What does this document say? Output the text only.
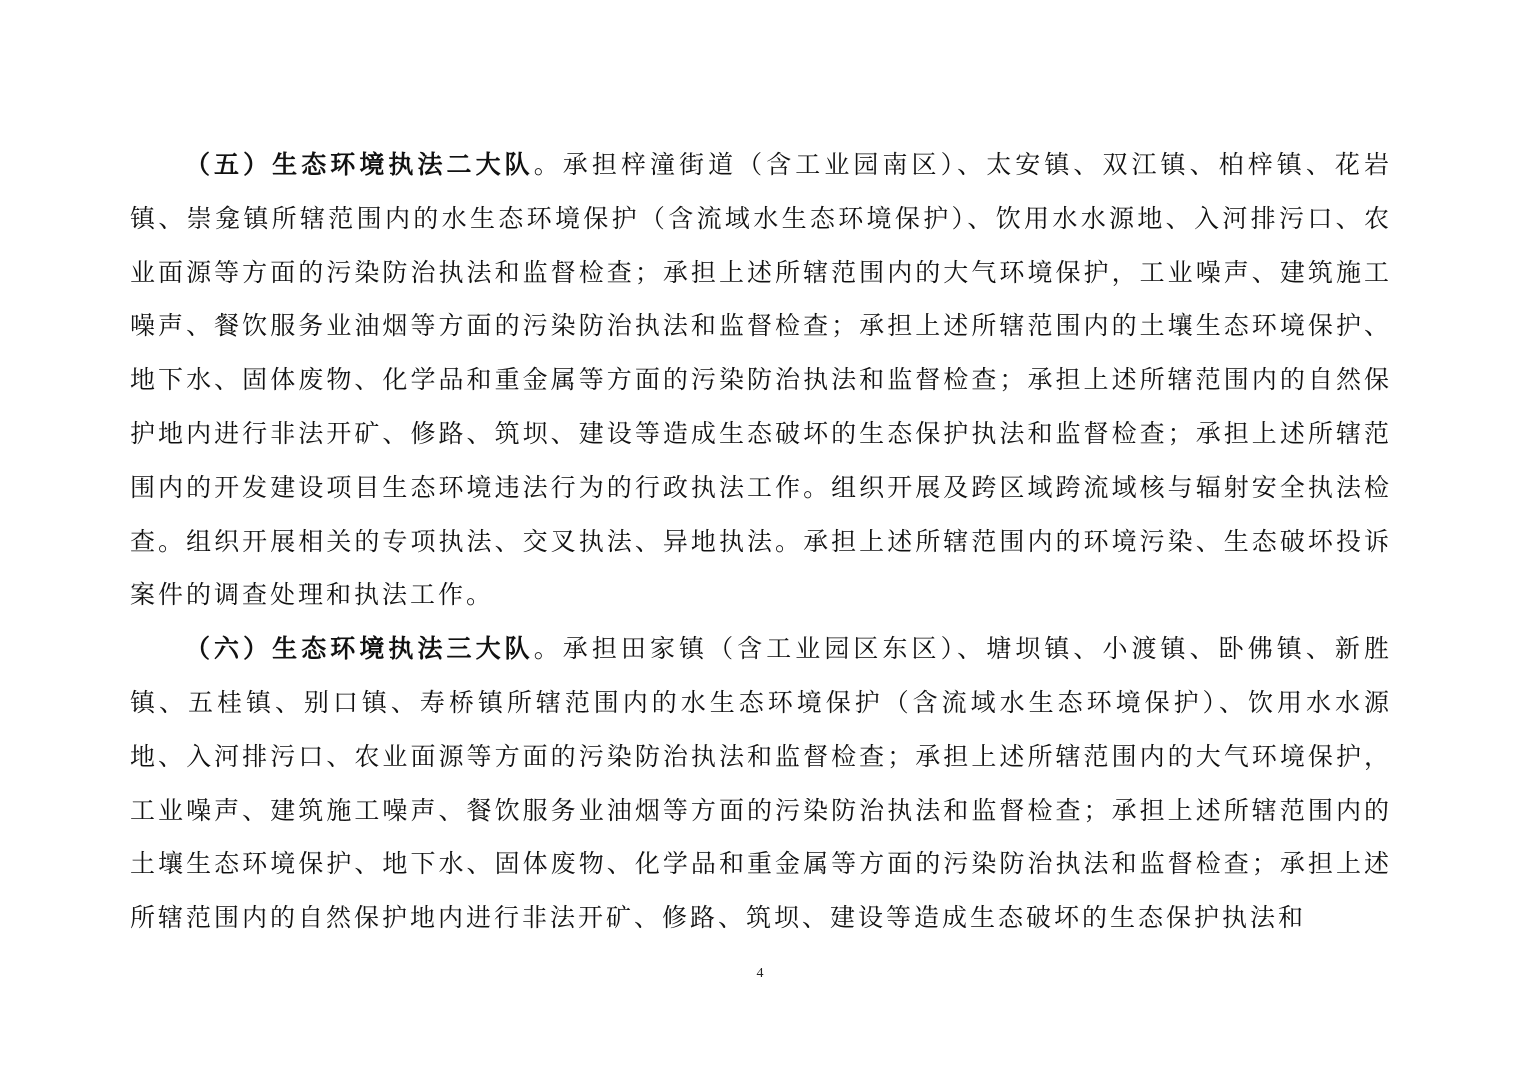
（五）生态环境执法二大队。承担梓潼街道（含工业园南区）、太安镇、双江镇、柏梓镇、花岩镇、崇龛镇所辖范围内的水生态环境保护（含流域水生态环境保护）、饮用水水源地、入河排污口、农业面源等方面的污染防治执法和监督检查；承担上述所辖范围内的大气环境保护，工业噪声、建筑施工噪声、餐饮服务业油烟等方面的污染防治执法和监督检查；承担上述所辖范围内的土壤生态环境保护、地下水、固体废物、化学品和重金属等方面的污染防治执法和监督检查；承担上述所辖范围内的自然保护地内进行非法开矿、修路、筑坝、建设等造成生态破坏的生态保护执法和监督检查；承担上述所辖范围内的开发建设项目生态环境违法行为的行政执法工作。组织开展及跨区域跨流域核与辐射安全执法检查。组织开展相关的专项执法、交叉执法、异地执法。承担上述所辖范围内的环境污染、生态破坏投诉案件的调查处理和执法工作。

（六）生态环境执法三大队。承担田家镇（含工业园区东区）、塘坝镇、小渡镇、卧佛镇、新胜镇、五桂镇、别口镇、寿桥镇所辖范围内的水生态环境保护（含流域水生态环境保护）、饮用水水源地、入河排污口、农业面源等方面的污染防治执法和监督检查；承担上述所辖范围内的大气环境保护，工业噪声、建筑施工噪声、餐饮服务业油烟等方面的污染防治执法和监督检查；承担上述所辖范围内的土壤生态环境保护、地下水、固体废物、化学品和重金属等方面的污染防治执法和监督检查；承担上述所辖范围内的自然保护地内进行非法开矿、修路、筑坝、建设等造成生态破坏的生态保护执法和

4
